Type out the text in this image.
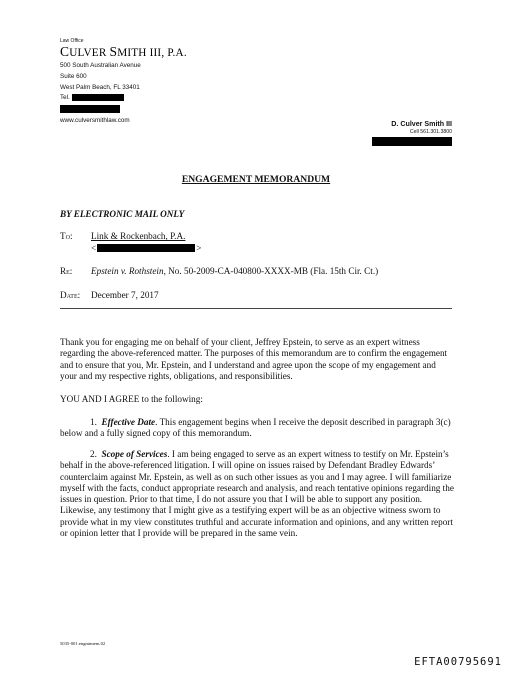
Law Office
CULVER SMITH III, P.A.
500 South Australian Avenue
Suite 600
West Palm Beach, FL 33401
Tel.
www.culversmithlaw.com	D. Culver Smith III
Cell 561.301.3800
ENGAGEMENT MEMORANDUM
BY ELECTRONIC MAIL ONLY
To: Link & Rockenbach, P.A.
<	>
Re: Epstein v. Rothstein, No. 50-2009-CA-040800-XXXX-MB (Fla. 15th Cir. Ct.)
Date: December 7, 2017
Thank you for engaging me on behalf of your client, Jeffrey Epstein, to serve as an expert witness regarding the above-referenced matter. The purposes of this memorandum are to confirm the engagement and to ensure that you, Mr. Epstein, and I understand and agree upon the scope of my engagement and your and my respective rights, obligations, and responsibilities.
YOU AND I AGREE to the following:
1. Effective Date. This engagement begins when I receive the deposit described in paragraph 3(c) below and a fully signed copy of this memorandum.
2. Scope of Services. I am being engaged to serve as an expert witness to testify on Mr. Epstein’s behalf in the above-referenced litigation. I will opine on issues raised by Defendant Bradley Edwards’ counterclaim against Mr. Epstein, as well as on such other issues as you and I may agree. I will familiarize myself with the facts, conduct appropriate research and analysis, and reach tentative opinions regarding the issues in question. Prior to that time, I do not assure you that I will be able to support any position. Likewise, any testimony that I might give as a testifying expert will be as an objective witness sworn to provide what in my view constitutes truthful and accurate information and opinions, and any written report or opinion letter that I provide will be prepared in the same vein.
5035-001.engmtmem.02
EFTA00795691
